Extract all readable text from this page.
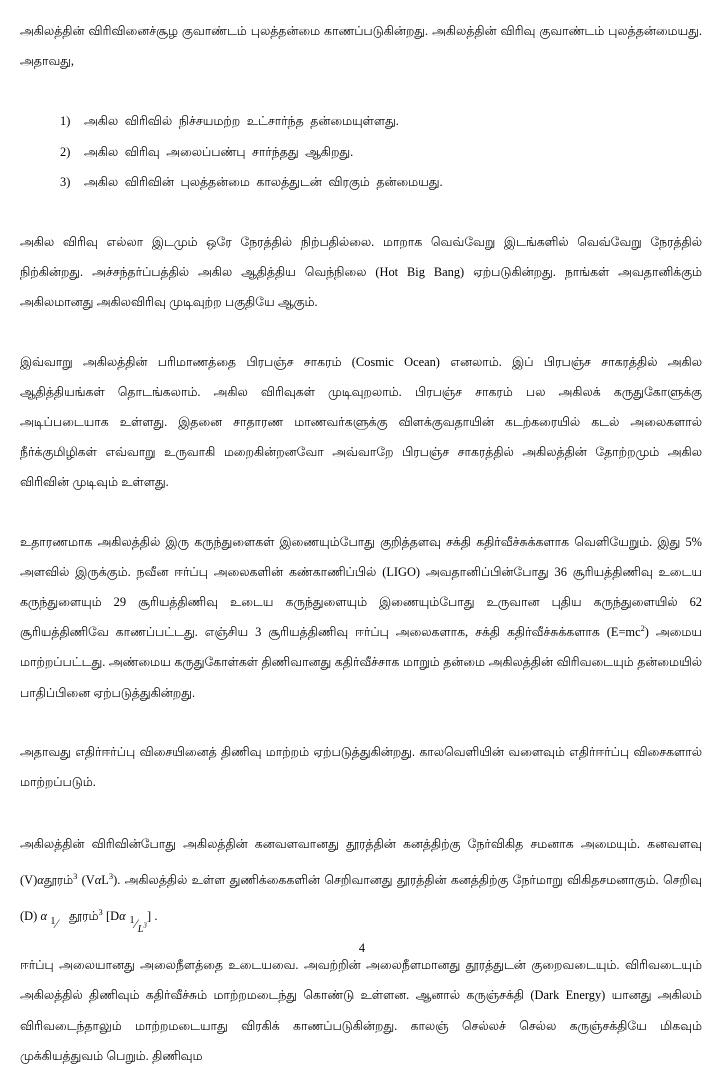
அகிலத்தின் விரிவினைச்சூழ குவாண்டம் புலத்தன்மை காணப்படுகின்றது. அகிலத்தின் விரிவு குவாண்டம் புலத்தன்மையது. அதாவது,

1)	அகில விரிவில் நிச்சயமற்ற உட்சார்ந்த தன்மையுள்ளது.
2)	அகில விரிவு அலைப்பண்பு சார்ந்தது ஆகிறது.
3)	அகில விரிவின் புலத்தன்மை காலத்துடன் விரகும் தன்மையது.

அகில விரிவு எல்லா இடமும் ஒரே நேரத்தில் நிற்பதில்லை. மாறாக வெவ்வேறு இடங்களில் வெவ்வேறு நேரத்தில் நிற்கின்றது. அச்சந்தர்ப்பத்தில் அகில ஆதித்திய வெந்நிலை (Hot Big Bang) ஏற்படுகின்றது. நாங்கள் அவதானிக்கும் அகிலமானது அகிலவிரிவு முடிவுற்ற பகுதியே ஆகும்.

இவ்வாறு அகிலத்தின் பரிமாணத்தை பிரபஞ்ச சாகரம் (Cosmic Ocean) எனலாம். இப் பிரபஞ்ச சாகரத்தில் அகில ஆதித்தியங்கள் தொடங்கலாம். அகில விரிவுகள் முடிவுறலாம். பிரபஞ்ச சாகரம் பல அகிலக் கருதுகோளுக்கு அடிப்படையாக உள்ளது. இதனை சாதாரண மாணவர்களுக்கு விளக்குவதாயின் கடற்கரையில் கடல் அலைகளால் நீர்க்குமிழிகள் எவ்வாறு உருவாகி மறைகின்றனவோ அவ்வாறே பிரபஞ்ச சாகரத்தில் அகிலத்தின் தோற்றமும் அகில விரிவின் முடிவும் உள்ளது.

உதாரணமாக அகிலத்தில் இரு கருந்துளைகள் இணையும்போது குறித்தளவு சக்தி கதிர்வீச்சுக்களாக வெளியேறும். இது 5% அளவில் இருக்கும். நவீன ஈர்ப்பு அலைகளின் கண்காணிப்பில் (LIGO) அவதானிப்பின்போது 36 சூரியத்திணிவு உடைய கருந்துளையும் 29 சூரியத்திணிவு உடைய கருந்துளையும் இணையும்போது உருவான புதிய கருந்துளையில் 62 சூரியத்திணிவே காணப்பட்டது. எஞ்சிய 3 சூரியத்திணிவு ஈர்ப்பு அலைகளாக, சக்தி கதிர்வீச்சுக்களாக $(E=mc^2)$ அமைய மாற்றப்பட்டது. அண்மைய கருதுகோள்கள் திணிவானது கதிர்வீச்சாக மாறும் தன்மை அகிலத்தின் விரிவடையும் தன்மையில் பாதிப்பினை ஏற்படுத்துகின்றது.

அதாவது எதிர்ஈர்ப்பு விசையினைத் திணிவு மாற்றம் ஏற்படுத்துகின்றது. காலவெளியின் வளைவும் எதிர்ஈர்ப்பு விசைகளால் மாற்றப்படும்.

அகிலத்தின் விரிவின்போது அகிலத்தின் கனவளவானது தூரத்தின் கனத்திற்கு நேர்விகித சமனாக அமையும். கனவளவு (V)αதூரம்$^3$ (VαL$^3$). அகிலத்தில் உள்ள துணிக்கைகளின் செறிவானது தூரத்தின் கனத்திற்கு நேர்மாறு விகிதசமனாகும். செறிவு (D) α 1 ⁄
தூரம்$^3$ [Dα 1 ⁄ $L^3$
] .

ஈர்ப்பு அலையானது அலைநீளத்தை உடையவை. அவற்றின் அலைநீளமானது தூரத்துடன் குறைவடையும். விரிவடையும் அகிலத்தில் திணிவும் கதிர்வீச்சும் மாற்றமடைந்து கொண்டு உள்ளன. ஆனால் கருஞ்சக்தி (Dark Energy) யானது அகிலம் விரிவடைந்தாலும் மாற்றமடையாது விரகிக் காணப்படுகின்றது. காலஞ் செல்லச் செல்ல கருஞ்சக்தியே மிகவும் முக்கியத்துவம் பெறும். திணிவும

4
